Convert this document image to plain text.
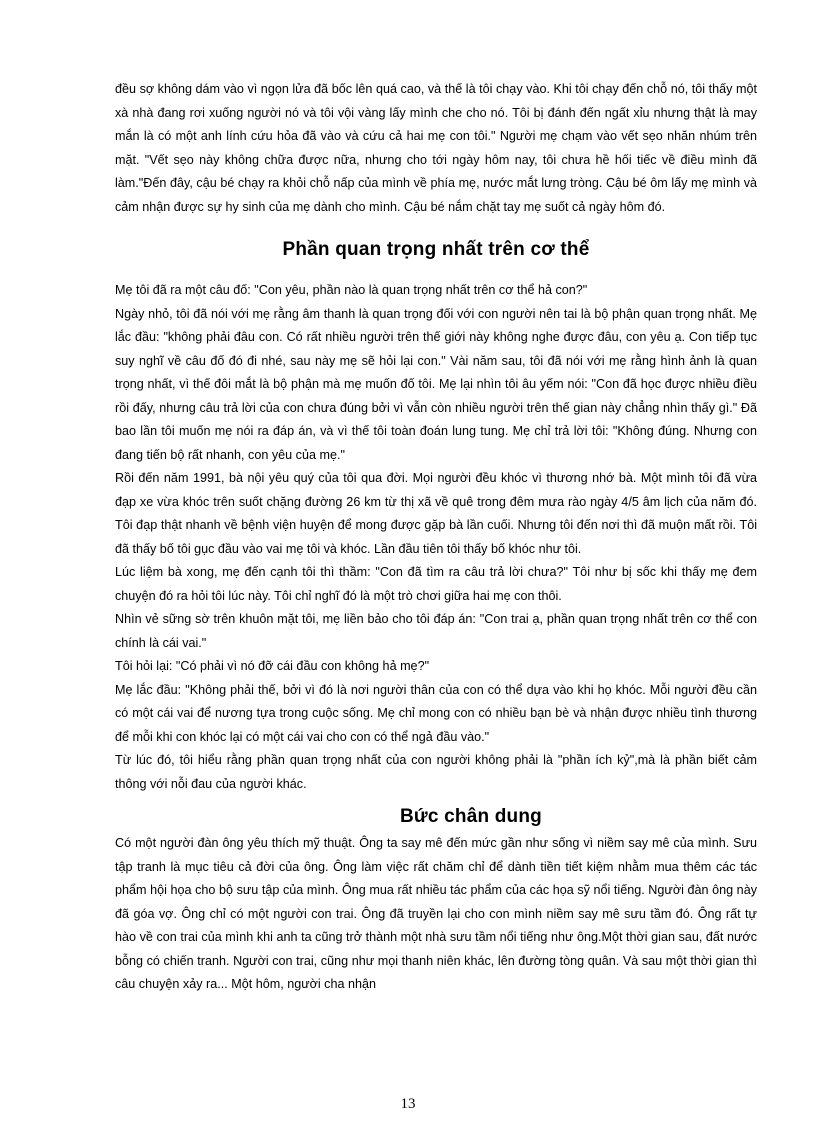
đều sợ không dám vào vì ngọn lửa đã bốc lên quá cao, và thế là tôi chạy vào. Khi tôi chạy đến chỗ nó, tôi thấy một xà nhà đang rơi xuống người nó và tôi vội vàng lấy mình che cho nó. Tôi bị đánh đến ngất xỉu nhưng thật là may mắn là có một anh lính cứu hỏa đã vào và cứu cả hai mẹ con tôi." Người mẹ chạm vào vết sẹo nhăn nhúm trên mặt. "Vết sẹo này không chữa được nữa, nhưng cho tới ngày hôm nay, tôi chưa hề hối tiếc về điều mình đã làm."Đến đây, cậu bé chạy ra khỏi chỗ nấp của mình về phía mẹ, nước mắt lưng tròng. Cậu bé ôm lấy mẹ mình và cảm nhận được sự hy sinh của mẹ dành cho mình. Cậu bé nắm chặt tay mẹ suốt cả ngày hôm đó.

Phần quan trọng nhất trên cơ thể

Mẹ tôi đã ra một câu đố: "Con yêu, phần nào là quan trọng nhất trên cơ thể hả con?"

Ngày nhỏ, tôi đã nói với mẹ rằng âm thanh là quan trọng đối với con người nên tai là bộ phận quan trọng nhất. Mẹ lắc đầu: "không phải đâu con. Có rất nhiều người trên thế giới này không nghe được đâu, con yêu ạ. Con tiếp tục suy nghĩ về câu đố đó đi nhé, sau này mẹ sẽ hỏi lại con." Vài năm sau, tôi đã nói với mẹ rằng hình ảnh là quan trọng nhất, vì thế đôi mắt là bộ phận mà mẹ muốn đố tôi. Mẹ lại nhìn tôi âu yếm nói: "Con đã học được nhiều điều rồi đấy, nhưng câu trả lời của con chưa đúng bởi vì vẫn còn nhiều người trên thế gian này chẳng nhìn thấy gì." Đã bao lần tôi muốn mẹ nói ra đáp án, và vì thế tôi toàn đoán lung tung. Mẹ chỉ trả lời tôi: "Không đúng. Nhưng con đang tiến bộ rất nhanh, con yêu của mẹ."

Rồi đến năm 1991, bà nội yêu quý của tôi qua đời. Mọi người đều khóc vì thương nhớ bà. Một mình tôi đã vừa đạp xe vừa khóc trên suốt chặng đường 26 km từ thị xã về quê trong đêm mưa rào ngày 4/5 âm lịch của năm đó. Tôi đạp thật nhanh về bệnh viện huyện để mong được gặp bà lần cuối. Nhưng tôi đến nơi thì đã muộn mất rồi. Tôi đã thấy bố tôi gục đầu vào vai mẹ tôi và khóc. Lần đầu tiên tôi thấy bố khóc như tôi.

Lúc liệm bà xong, mẹ đến cạnh tôi thì thầm: "Con đã tìm ra câu trả lời chưa?" Tôi như bị sốc khi thấy mẹ đem chuyện đó ra hỏi tôi lúc này. Tôi chỉ nghĩ đó là một trò chơi giữa hai mẹ con thôi.

Nhìn vẻ sững sờ trên khuôn mặt tôi, mẹ liền bảo cho tôi đáp án: "Con trai ạ, phần quan trọng nhất trên cơ thể con chính là cái vai."

Tôi hỏi lại: "Có phải vì nó đỡ cái đầu con không hả mẹ?"

Mẹ lắc đầu: "Không phải thế, bởi vì đó là nơi người thân của con có thể dựa vào khi họ khóc. Mỗi người đều cần có một cái vai để nương tựa trong cuộc sống. Mẹ chỉ mong con có nhiều bạn bè và nhận được nhiều tình thương để mỗi khi con khóc lại có một cái vai cho con có thể ngả đầu vào."

Từ lúc đó, tôi hiểu rằng phần quan trọng nhất của con người không phải là "phần ích kỷ",mà là phần biết cảm thông với nỗi đau của người khác.

Bức chân dung

Có một người đàn ông yêu thích mỹ thuật. Ông ta say mê đến mức gần như sống vì niềm say mê của mình. Sưu tập tranh là mục tiêu cả đời của ông. Ông làm việc rất chăm chỉ để dành tiền tiết kiệm nhằm mua thêm các tác phẩm hội họa cho bộ sưu tập của mình. Ông mua rất nhiều tác phẩm của các họa sỹ nổi tiếng. Người đàn ông này đã góa vợ. Ông chỉ có một người con trai. Ông đã truyền lại cho con mình niềm say mê sưu tầm đó. Ông rất tự hào về con trai của mình khi anh ta cũng trở thành một nhà sưu tầm nổi tiếng như ông.Một thời gian sau, đất nước bỗng có chiến tranh. Người con trai, cũng như mọi thanh niên khác, lên đường tòng quân. Và sau một thời gian thì câu chuyện xảy ra... Một hôm, người cha nhận

13
